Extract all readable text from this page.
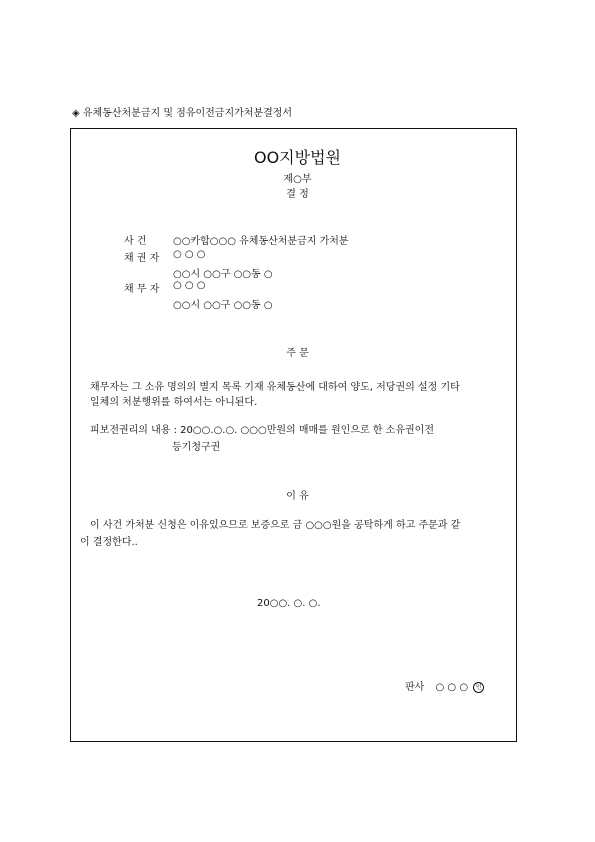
◈ 유체동산처분금지 및 점유이전금지가처분결정서
OO지방법원
제○부
결 정
사 건	○○카합○○○ 유체동산처분금지 가처분
채 권 자 ○ ○ ○
○○시 ○○구 ○○동 ○
채 무 자 ○ ○ ○
○○시 ○○구 ○○동 ○
주 문
채무자는 그 소유 명의의 별지 목록 기재 유체동산에 대하여 양도, 저당권의 설정 기타
일체의 처분행위를 하여서는 아니된다.
피보전권리의 내용 : 20○○.○.○. ○○○만원의 매매를 원인으로 한 소유권이전
등기청구권
이 유
이 사건 가처분 신청은 이유있으므로 보증으로 금 ○○○원을 공탁하게 하고 주문과 같
이 결정한다..
20○○. ○. ○.
판사 ○ ○ ○ 인
